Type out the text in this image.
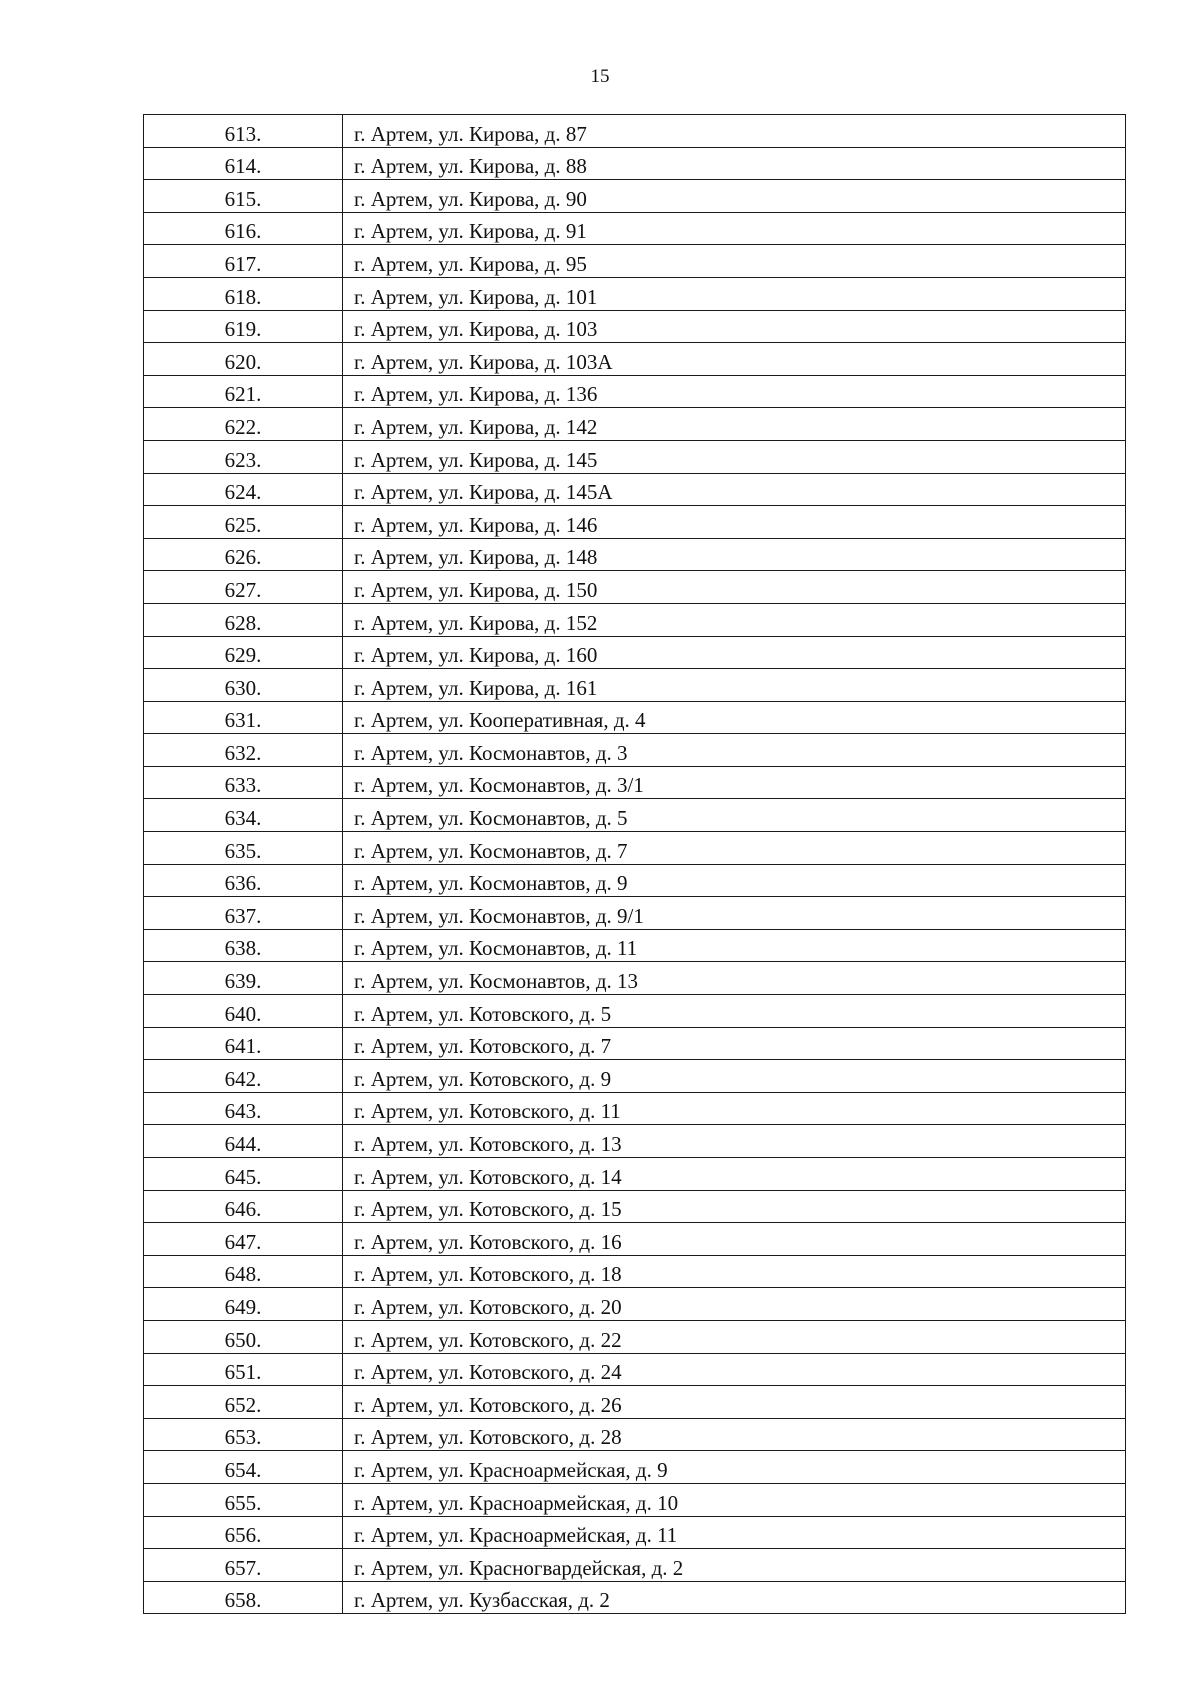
15
613.	г. Артем, ул. Кирова, д. 87
614.	г. Артем, ул. Кирова, д. 88
615.	г. Артем, ул. Кирова, д. 90
616.	г. Артем, ул. Кирова, д. 91
617.	г. Артем, ул. Кирова, д. 95
618.	г. Артем, ул. Кирова, д. 101
619.	г. Артем, ул. Кирова, д. 103
620.	г. Артем, ул. Кирова, д. 103А
621.	г. Артем, ул. Кирова, д. 136
622.	г. Артем, ул. Кирова, д. 142
623.	г. Артем, ул. Кирова, д. 145
624.	г. Артем, ул. Кирова, д. 145А
625.	г. Артем, ул. Кирова, д. 146
626.	г. Артем, ул. Кирова, д. 148
627.	г. Артем, ул. Кирова, д. 150
628.	г. Артем, ул. Кирова, д. 152
629.	г. Артем, ул. Кирова, д. 160
630.	г. Артем, ул. Кирова, д. 161
631.	г. Артем, ул. Кооперативная, д. 4
632.	г. Артем, ул. Космонавтов, д. 3
633.	г. Артем, ул. Космонавтов, д. 3/1
634.	г. Артем, ул. Космонавтов, д. 5
635.	г. Артем, ул. Космонавтов, д. 7
636.	г. Артем, ул. Космонавтов, д. 9
637.	г. Артем, ул. Космонавтов, д. 9/1
638.	г. Артем, ул. Космонавтов, д. 11
639.	г. Артем, ул. Космонавтов, д. 13
640.	г. Артем, ул. Котовского, д. 5
641.	г. Артем, ул. Котовского, д. 7
642.	г. Артем, ул. Котовского, д. 9
643.	г. Артем, ул. Котовского, д. 11
644.	г. Артем, ул. Котовского, д. 13
645.	г. Артем, ул. Котовского, д. 14
646.	г. Артем, ул. Котовского, д. 15
647.	г. Артем, ул. Котовского, д. 16
648.	г. Артем, ул. Котовского, д. 18
649.	г. Артем, ул. Котовского, д. 20
650.	г. Артем, ул. Котовского, д. 22
651.	г. Артем, ул. Котовского, д. 24
652.	г. Артем, ул. Котовского, д. 26
653.	г. Артем, ул. Котовского, д. 28
654.	г. Артем, ул. Красноармейская, д. 9
655.	г. Артем, ул. Красноармейская, д. 10
656.	г. Артем, ул. Красноармейская, д. 11
657.	г. Артем, ул. Красногвардейская, д. 2
658.	г. Артем, ул. Кузбасская, д. 2
